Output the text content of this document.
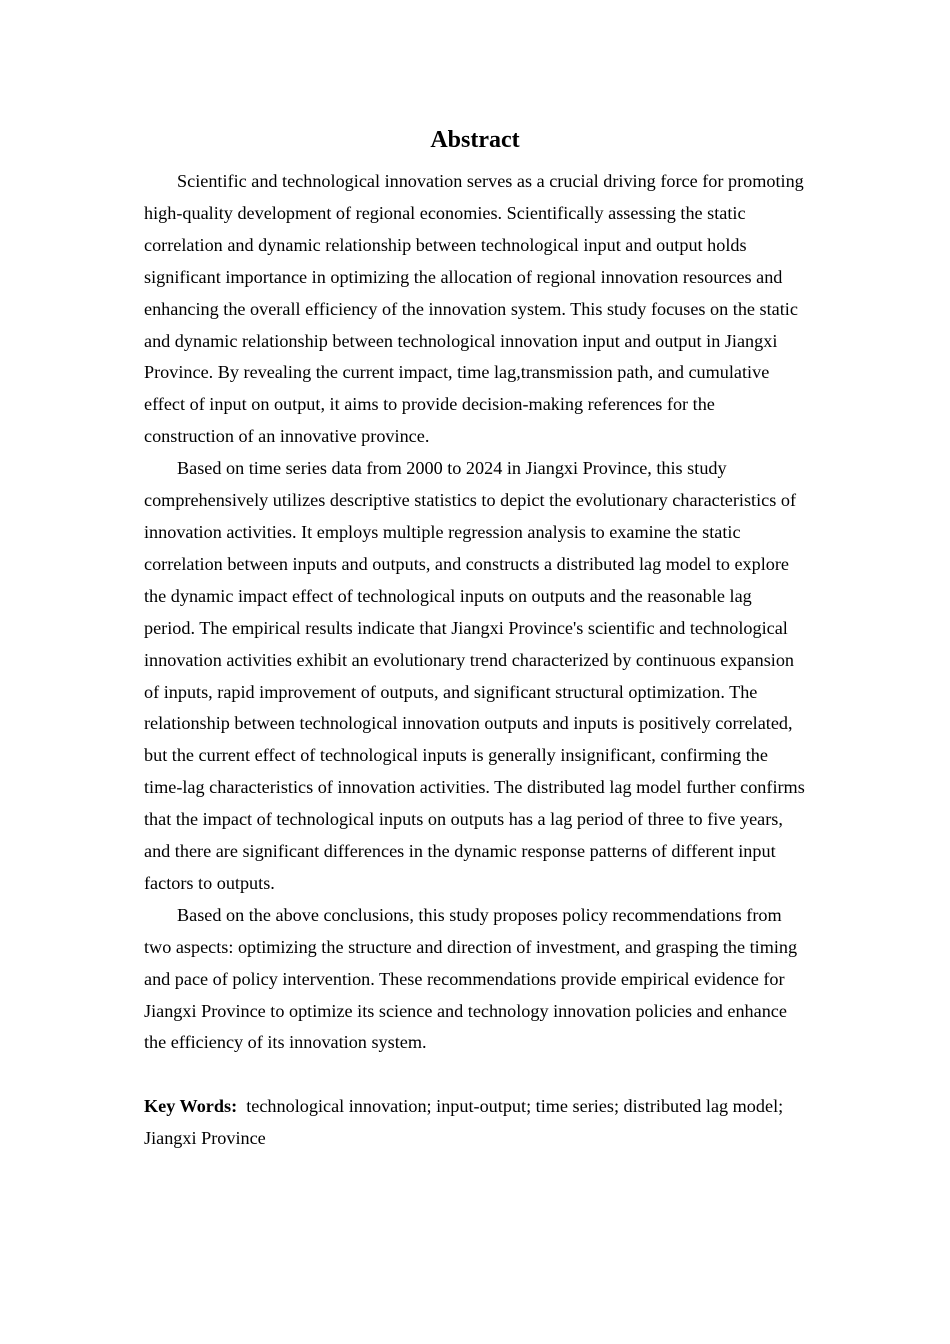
Abstract

Scientific and technological innovation serves as a crucial driving force for promoting high-quality development of regional economies. Scientifically assessing the static correlation and dynamic relationship between technological input and output holds significant importance in optimizing the allocation of regional innovation resources and enhancing the overall efficiency of the innovation system. This study focuses on the static and dynamic relationship between technological innovation input and output in Jiangxi Province. By revealing the current impact, time lag,transmission path, and cumulative effect of input on output, it aims to provide decision-making references for the construction of an innovative province.

Based on time series data from 2000 to 2024 in Jiangxi Province, this study comprehensively utilizes descriptive statistics to depict the evolutionary characteristics of innovation activities. It employs multiple regression analysis to examine the static correlation between inputs and outputs, and constructs a distributed lag model to explore the dynamic impact effect of technological inputs on outputs and the reasonable lag period. The empirical results indicate that Jiangxi Province's scientific and technological innovation activities exhibit an evolutionary trend characterized by continuous expansion of inputs, rapid improvement of outputs, and significant structural optimization. The relationship between technological innovation outputs and inputs is positively correlated, but the current effect of technological inputs is generally insignificant, confirming the time-lag characteristics of innovation activities. The distributed lag model further confirms that the impact of technological inputs on outputs has a lag period of three to five years, and there are significant differences in the dynamic response patterns of different input factors to outputs.

Based on the above conclusions, this study proposes policy recommendations from two aspects: optimizing the structure and direction of investment, and grasping the timing and pace of policy intervention. These recommendations provide empirical evidence for Jiangxi Province to optimize its science and technology innovation policies and enhance the efficiency of its innovation system.

Key Words: technological innovation; input-output; time series; distributed lag model; Jiangxi Province
